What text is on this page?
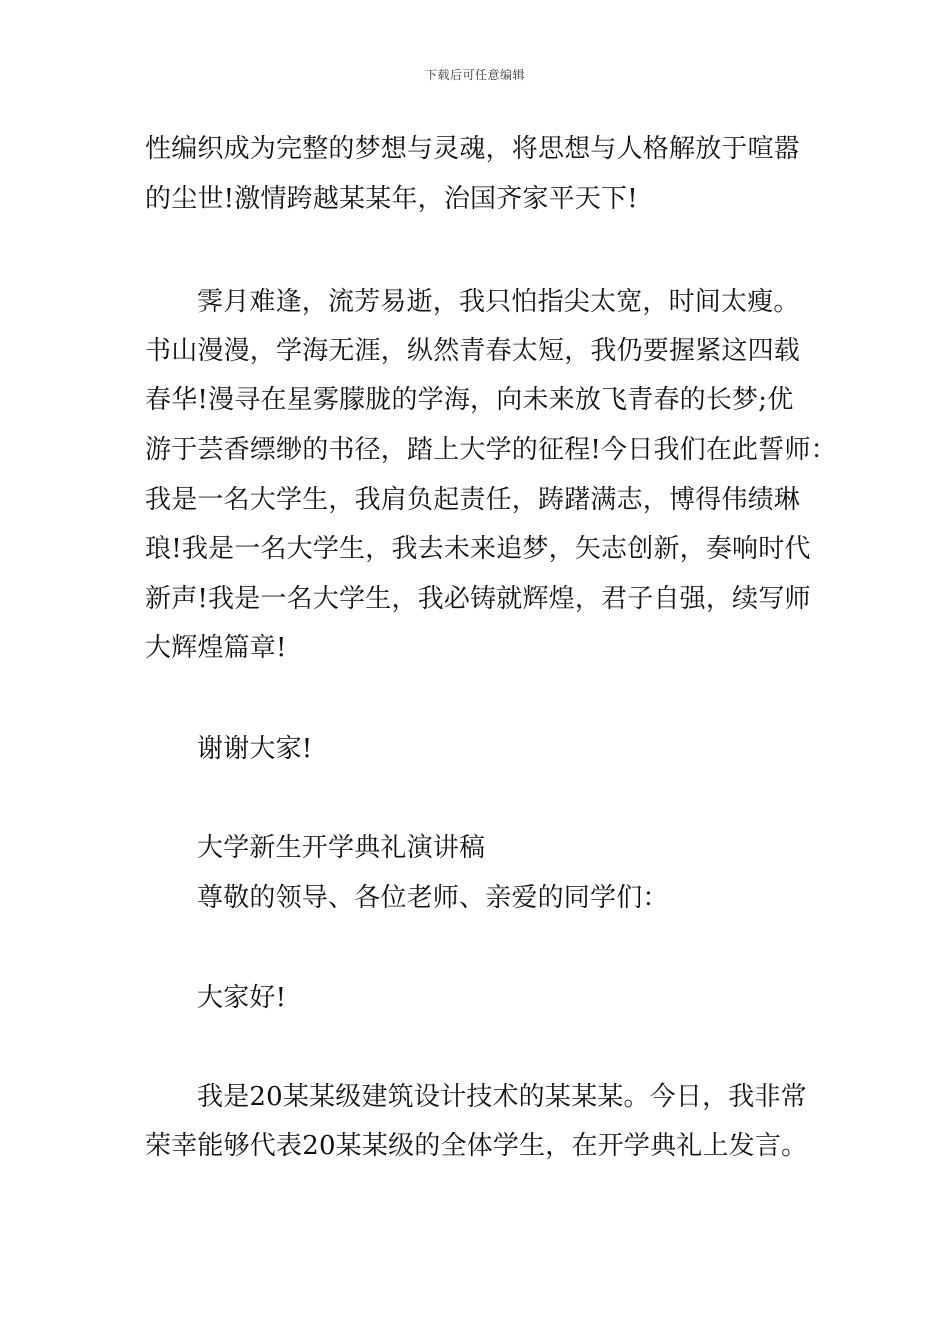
下载后可任意编辑
性编织成为完整的梦想与灵魂，将思想与人格解放于喧嚣
的尘世!激情跨越某某年，治国齐家平天下!
霁月难逢，流芳易逝，我只怕指尖太宽，时间太瘦。
书山漫漫，学海无涯，纵然青春太短，我仍要握紧这四载
春华!漫寻在星雾朦胧的学海，向未来放飞青春的长梦;优
游于芸香缥缈的书径，踏上大学的征程!今日我们在此誓师：
我是一名大学生，我肩负起责任，踌躇满志，博得伟绩琳
琅!我是一名大学生，我去未来追梦，矢志创新，奏响时代
新声!我是一名大学生，我必铸就辉煌，君子自强，续写师
大辉煌篇章!
谢谢大家!
大学新生开学典礼演讲稿
尊敬的领导、各位老师、亲爱的同学们：
大家好!
我是20某某级建筑设计技术的某某某。今日，我非常
荣幸能够代表20某某级的全体学生，在开学典礼上发言。
